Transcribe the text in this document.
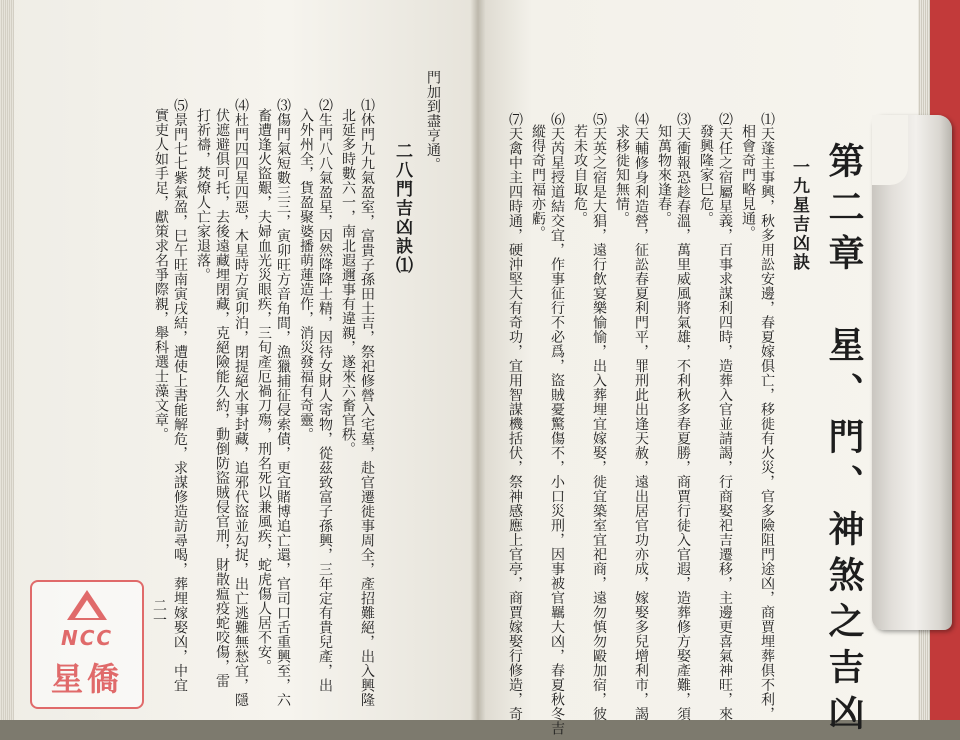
門加到盡亨通。
二八門吉凶訣⑴
⑴休門九九氣盈室，富貴子孫田土吉，祭祀修營入宅墓，赴官遷徙事周全，產招難絕，出入興隆
北延多時數六一，南北遐邇事有違親，遂來六畜官秩。
⑵生門八八氣盈星，因然降降士精，因待女財人寄物，從茲致富子孫興，三年定有貴兒產，出
入外州全，貨盈聚婆播萌蓮造作，消災發福有奇靈。
⑶傷門氣短數三三，寅卯旺方音角間，漁獵捕征侵索債，更宜賭博追亡還，官司口舌重興至，六
畜遭逢火盜艱，夫婦血光災眼疾，三旬產厄禍刀殤，刑名死以兼風疾，蛇虎傷人居不安。
⑷杜門四四星四惡，木星時方寅卯泊，閉提絕水事封藏，追邪代盜並勾捉，出亡逃難無愁宜，隱
伏遮避俱可托，去後遠藏埋閉藏，克絕險能久約，動倒防盜賊侵官刑，財散瘟疫蛇咬傷，雷
打祈禱，焚燎人亡家退落。
⑸景門七七紫氣盈，巳午旺南寅戌結，遭使上書能解危，求謀修造訪尋喝，葬埋嫁娶凶，中宜
實吏人如手足，獻策求名爭際親，舉科選士藻文章。
二一	第二章　星、門、神煞之吉凶
一九星吉凶訣
⑴天蓬主事興，秋多用訟安邊，春夏嫁俱亡，移徙有火災，官多險阻門途凶，商賈埋葬俱不利，
相會奇門略見通。
⑵天任之宿屬星義，百事求謀利四時，造葬入官並請謁，行商娶祀吉遷移，主邊更喜氣神旺，來
發興隆家巳危。
⑶天衝報恐趁春溫，萬里威風將氣雄，不利秋多春夏勝，商賈行徒入官遐，造葬修方娶產難，須
知萬物來逢春。
⑷天輔修身利造營，征訟春夏利門平，罪刑此出逢天赦，遠出居官功亦成，嫁娶多兒增利市，謁
求移徙知無情。
⑸天英之宿是大猖，遠行飲宴樂愉愉，出入葬埋宜嫁娶，徙宜築室宜祀商，遠勿慎勿毆加宿，彼
若未攻自取危。
⑹天芮星授道結交宜，作事征行不必爲，盜賊憂驚傷不，小口災刑，因事被官羈大凶，春夏秋冬吉
縱得奇門福亦虧。
⑺天禽中主四時通，硬沖堅大有奇功，宜用智謀機括伏，祭神感應上官亭，商賈嫁娶行修造，奇
NCC
星僑
